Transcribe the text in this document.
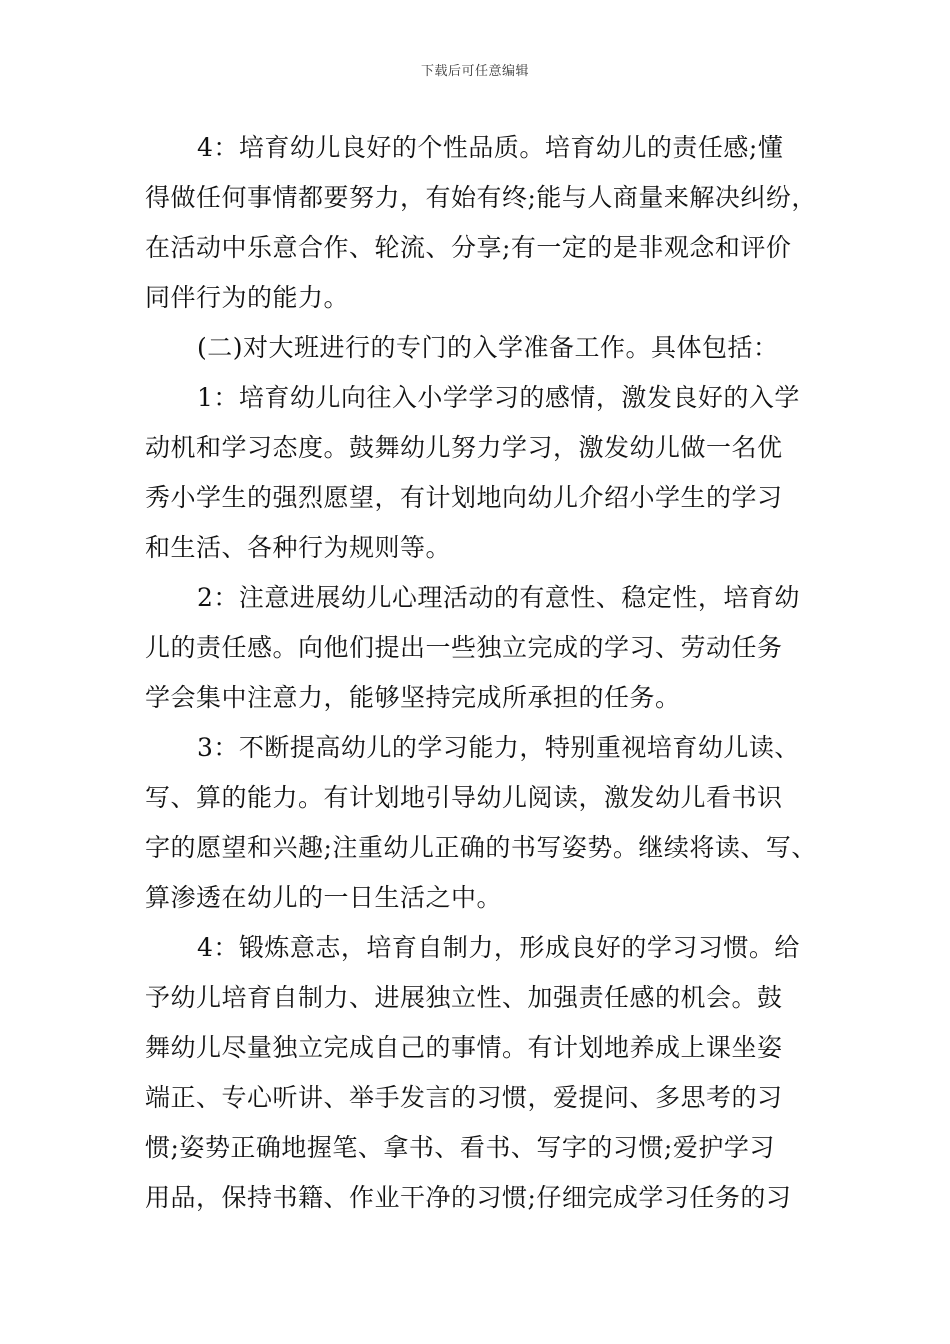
下载后可任意编辑
4：培育幼儿良好的个性品质。培育幼儿的责任感;懂
得做任何事情都要努力，有始有终;能与人商量来解决纠纷，
在活动中乐意合作、轮流、分享;有一定的是非观念和评价
同伴行为的能力。
(二)对大班进行的专门的入学准备工作。具体包括：
1：培育幼儿向往入小学学习的感情，激发良好的入学
动机和学习态度。鼓舞幼儿努力学习，激发幼儿做一名优
秀小学生的强烈愿望，有计划地向幼儿介绍小学生的学习
和生活、各种行为规则等。
2：注意进展幼儿心理活动的有意性、稳定性，培育幼
儿的责任感。向他们提出一些独立完成的学习、劳动任务
学会集中注意力，能够坚持完成所承担的任务。
3：不断提高幼儿的学习能力，特别重视培育幼儿读、
写、算的能力。有计划地引导幼儿阅读，激发幼儿看书识
字的愿望和兴趣;注重幼儿正确的书写姿势。继续将读、写、
算渗透在幼儿的一日生活之中。
4：锻炼意志，培育自制力，形成良好的学习习惯。给
予幼儿培育自制力、进展独立性、加强责任感的机会。鼓
舞幼儿尽量独立完成自己的事情。有计划地养成上课坐姿
端正、专心听讲、举手发言的习惯，爱提问、多思考的习
惯;姿势正确地握笔、拿书、看书、写字的习惯;爱护学习
用品，保持书籍、作业干净的习惯;仔细完成学习任务的习
